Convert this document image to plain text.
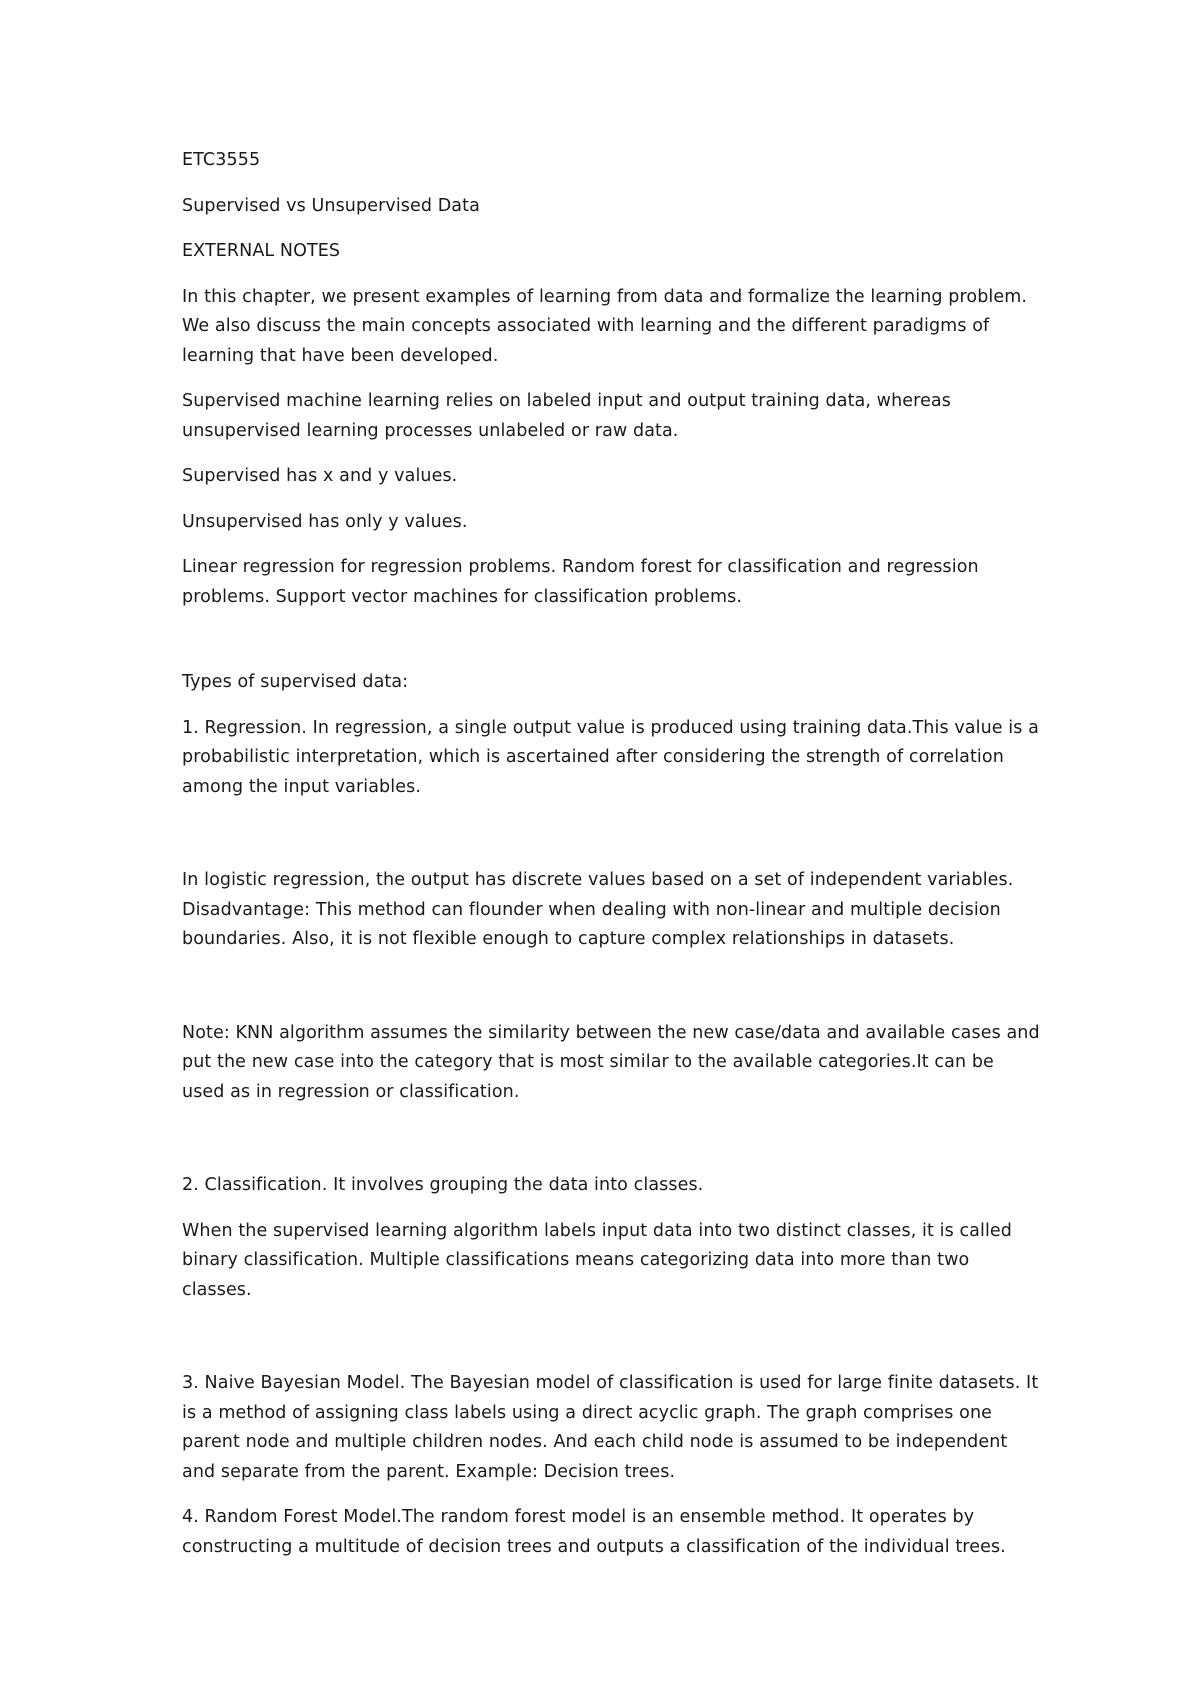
ETC3555

Supervised vs Unsupervised Data

EXTERNAL NOTES

In this chapter, we present examples of learning from data and formalize the learning problem. We also discuss the main concepts associated with learning and the different paradigms of learning that have been developed.

Supervised machine learning relies on labeled input and output training data, whereas unsupervised learning processes unlabeled or raw data.

Supervised has x and y values.

Unsupervised has only y values.

Linear regression for regression problems. Random forest for classification and regression problems. Support vector machines for classification problems.

Types of supervised data:

1. Regression. In regression, a single output value is produced using training data.This value is a probabilistic interpretation, which is ascertained after considering the strength of correlation among the input variables.

In logistic regression, the output has discrete values based on a set of independent variables. Disadvantage: This method can flounder when dealing with non-linear and multiple decision boundaries. Also, it is not flexible enough to capture complex relationships in datasets.

Note: KNN algorithm assumes the similarity between the new case/data and available cases and put the new case into the category that is most similar to the available categories.It can be used as in regression or classification.

2. Classification. It involves grouping the data into classes.

When the supervised learning algorithm labels input data into two distinct classes, it is called binary classification. Multiple classifications means categorizing data into more than two classes.

3. Naive Bayesian Model. The Bayesian model of classification is used for large finite datasets. It is a method of assigning class labels using a direct acyclic graph. The graph comprises one parent node and multiple children nodes. And each child node is assumed to be independent and separate from the parent. Example: Decision trees.

4. Random Forest Model.The random forest model is an ensemble method. It operates by constructing a multitude of decision trees and outputs a classification of the individual trees.
